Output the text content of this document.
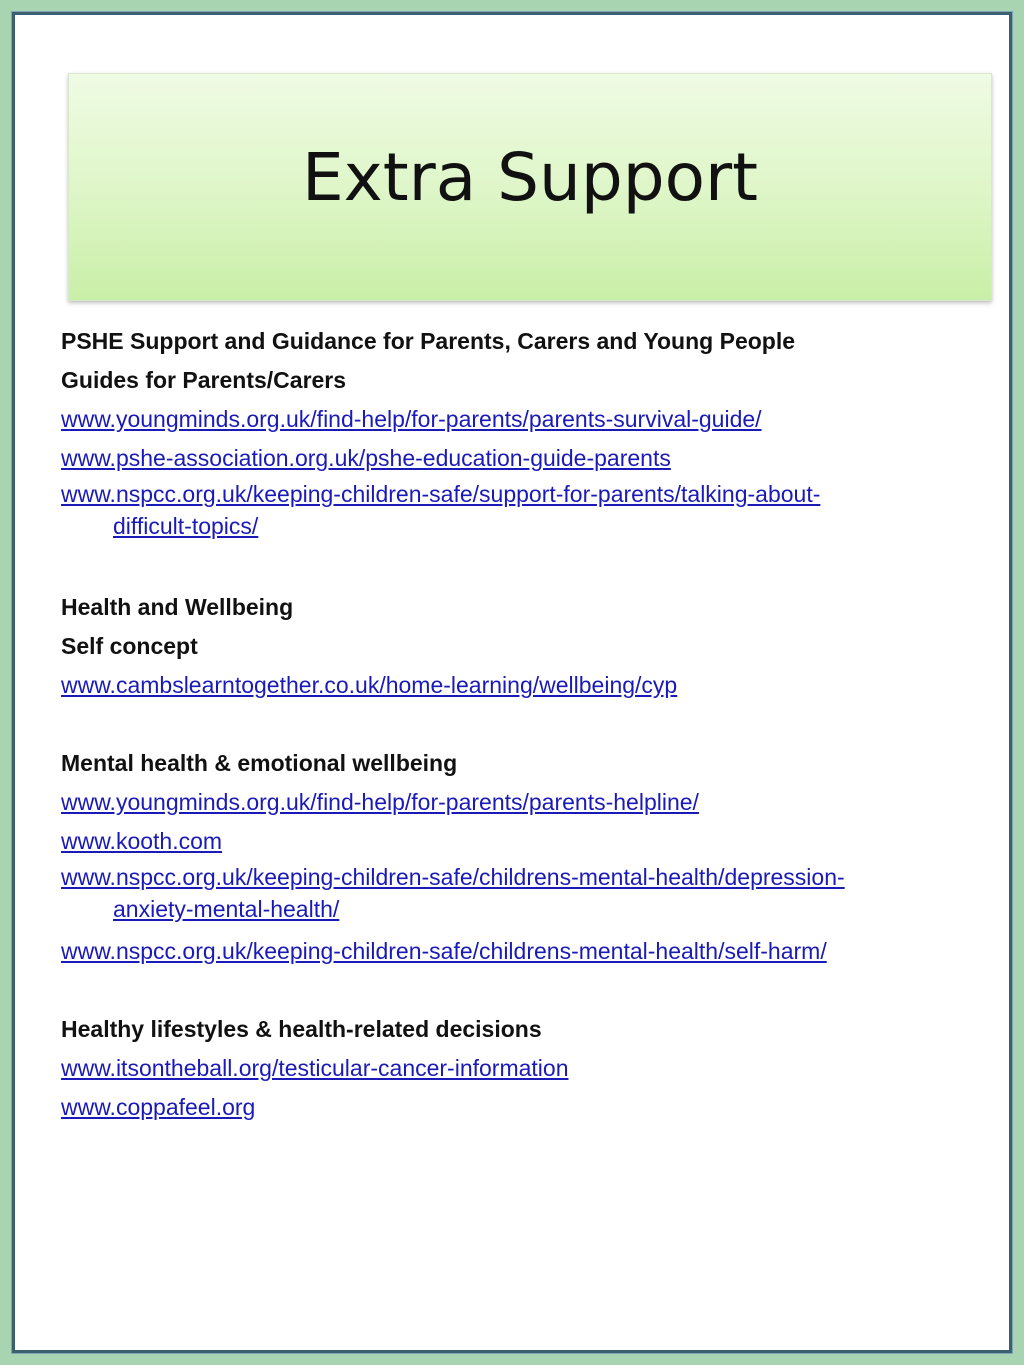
Extra Support
PSHE Support and Guidance for Parents, Carers and Young People
Guides for Parents/Carers
www.youngminds.org.uk/find-help/for-parents/parents-survival-guide/
www.pshe-association.org.uk/pshe-education-guide-parents
www.nspcc.org.uk/keeping-children-safe/support-for-parents/talking-about-
difficult-topics/
Health and Wellbeing
Self concept
www.cambslearntogether.co.uk/home-learning/wellbeing/cyp
Mental health & emotional wellbeing
www.youngminds.org.uk/find-help/for-parents/parents-helpline/
www.kooth.com
www.nspcc.org.uk/keeping-children-safe/childrens-mental-health/depression-
anxiety-mental-health/
www.nspcc.org.uk/keeping-children-safe/childrens-mental-health/self-harm/
Healthy lifestyles & health-related decisions
www.itsontheball.org/testicular-cancer-information
www.coppafeel.org
